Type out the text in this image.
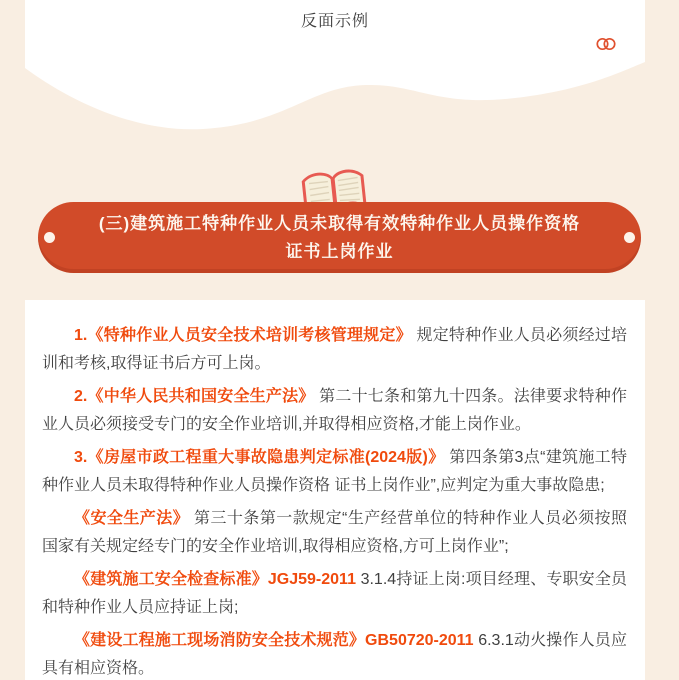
反面示例
(三)建筑施工特种作业人员未取得有效特种作业人员操作资格
证书上岗作业

1.《特种作业人员安全技术培训考核管理规定》 规定特种作业人员必须经过培训和考核,取得证书后方可上岗。

2.《中华人民共和国安全生产法》 第二十七条和第九十四条。法律要求特种作业人员必须接受专门的安全作业培训,并取得相应资格,才能上岗作业。

3.《房屋市政工程重大事故隐患判定标准(2024版)》 第四条第3点“建筑施工特种作业人员未取得特种作业人员操作资格 证书上岗作业”,应判定为重大事故隐患;

《安全生产法》 第三十条第一款规定“生产经营单位的特种作业人员必须按照国家有关规定经专门的安全作业培训,取得相应资格,方可上岗作业”;

《建筑施工安全检查标准》JGJ59-2011 3.1.4持证上岗:项目经理、专职安全员和特种作业人员应持证上岗;

《建设工程施工现场消防安全技术规范》GB50720-2011 6.3.1动火操作人员应具有相应资格。
